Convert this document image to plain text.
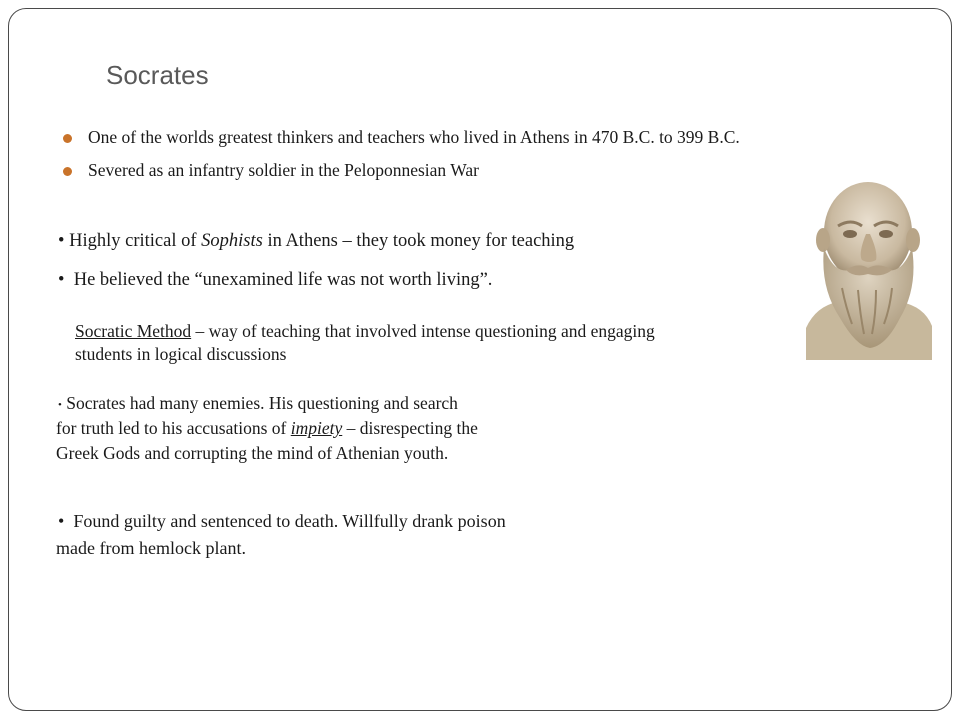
Socrates
One of the worlds greatest thinkers and teachers who lived in Athens in 470 B.C. to 399 B.C.
Severed as an infantry soldier in the Peloponnesian War
• Highly critical of Sophists in Athens – they took money for teaching
• He believed the “unexamined life was not worth living”.
Socratic Method – way of teaching that involved intense questioning and engaging
students in logical discussions
• Socrates had many enemies. His questioning and search
for truth led to his accusations of impiety – disrespecting the
Greek Gods and corrupting the mind of Athenian youth.
• Found guilty and sentenced to death. Willfully drank poison
made from hemlock plant.
